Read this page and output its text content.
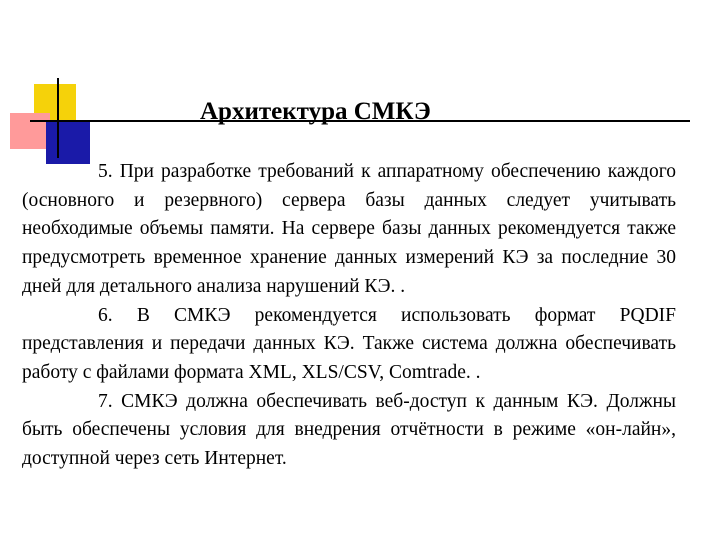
Архитектура СМКЭ

5. При разработке требований к аппаратному обеспечению каждого (основного и резервного) сервера базы данных следует учитывать необходимые объемы памяти. На сервере базы данных рекомендуется также предусмотреть временное хранение данных измерений КЭ за последние 30 дней для детального анализа нарушений КЭ. .

6. В СМКЭ рекомендуется использовать формат PQDIF представления и передачи данных КЭ. Также система должна обеспечивать работу с файлами формата XML, XLS/CSV, Comtrade. .

7. СМКЭ должна обеспечивать веб-доступ к данным КЭ. Должны быть обеспечены условия для внедрения отчётности в режиме «он-лайн», доступной через сеть Интернет.
